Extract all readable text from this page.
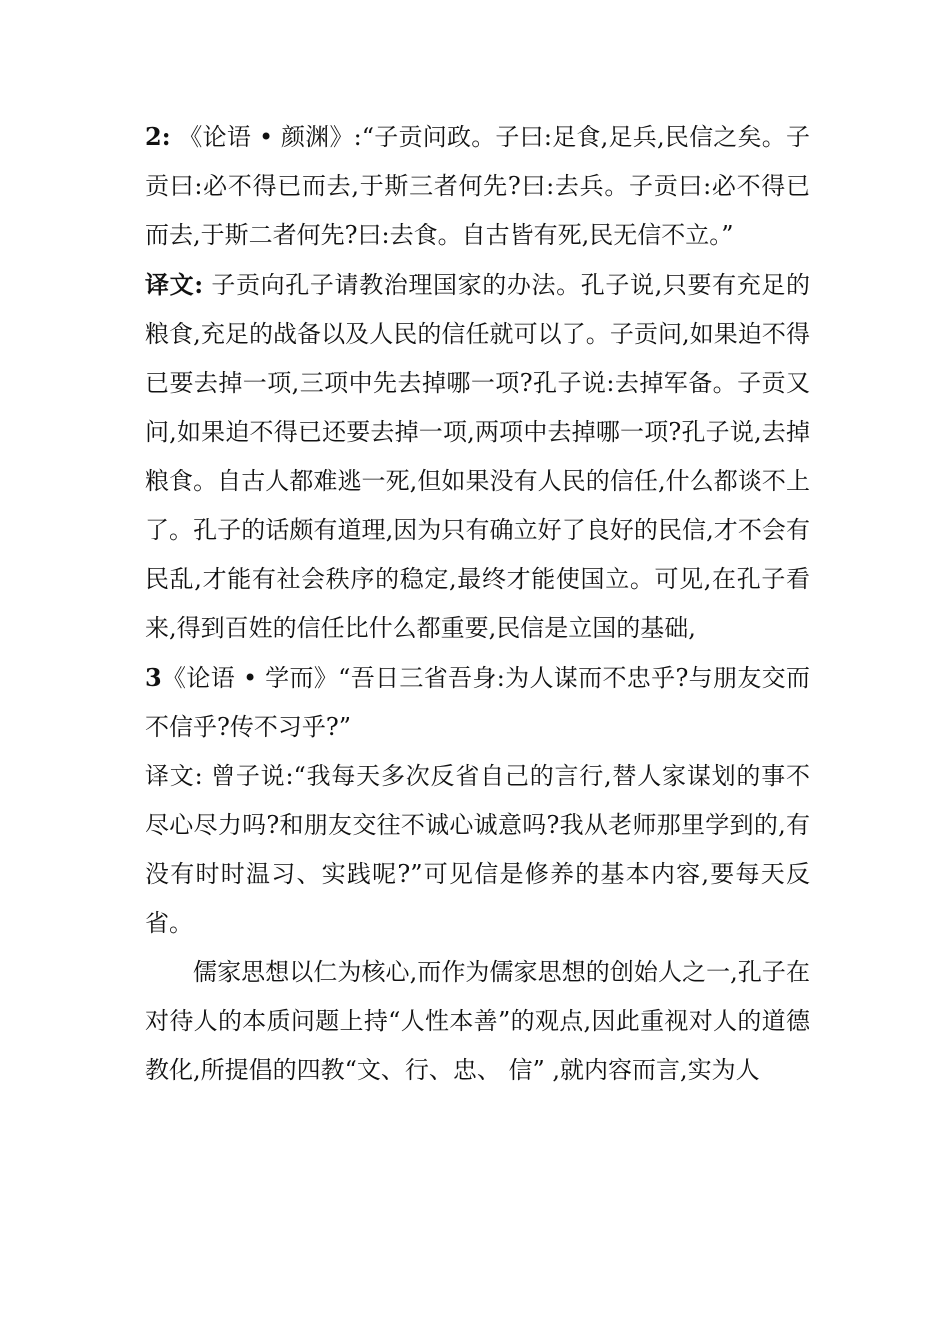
2: 《论语 • 颜渊》:“子贡问政。子曰:足食,足兵,民信之矣。子贡曰:必不得已而去,于斯三者何先?曰:去兵。子贡曰:必不得已而去,于斯二者何先?曰:去食。自古皆有死,民无信不立。”

译文: 子贡向孔子请教治理国家的办法。孔子说,只要有充足的粮食,充足的战备以及人民的信任就可以了。子贡问,如果迫不得已要去掉一项,三项中先去掉哪一项?孔子说:去掉军备。子贡又问,如果迫不得已还要去掉一项,两项中去掉哪一项?孔子说,去掉粮食。自古人都难逃一死,但如果没有人民的信任,什么都谈不上了。孔子的话颇有道理,因为只有确立好了良好的民信,才不会有民乱,才能有社会秩序的稳定,最终才能使国立。可见,在孔子看来,得到百姓的信任比什么都重要,民信是立国的基础,

3《论语 • 学而》“吾日三省吾身:为人谋而不忠乎?与朋友交而不信乎?传不习乎?”

译文: 曾子说:“我每天多次反省自己的言行,替人家谋划的事不尽心尽力吗?和朋友交往不诚心诚意吗?我从老师那里学到的,有没有时时温习、实践呢?”可见信是修养的基本内容,要每天反省。

儒家思想以仁为核心,而作为儒家思想的创始人之一,孔子在对待人的本质问题上持“人性本善”的观点,因此重视对人的道德教化,所提倡的四教“文、行、忠、 信” ,就内容而言,实为人
